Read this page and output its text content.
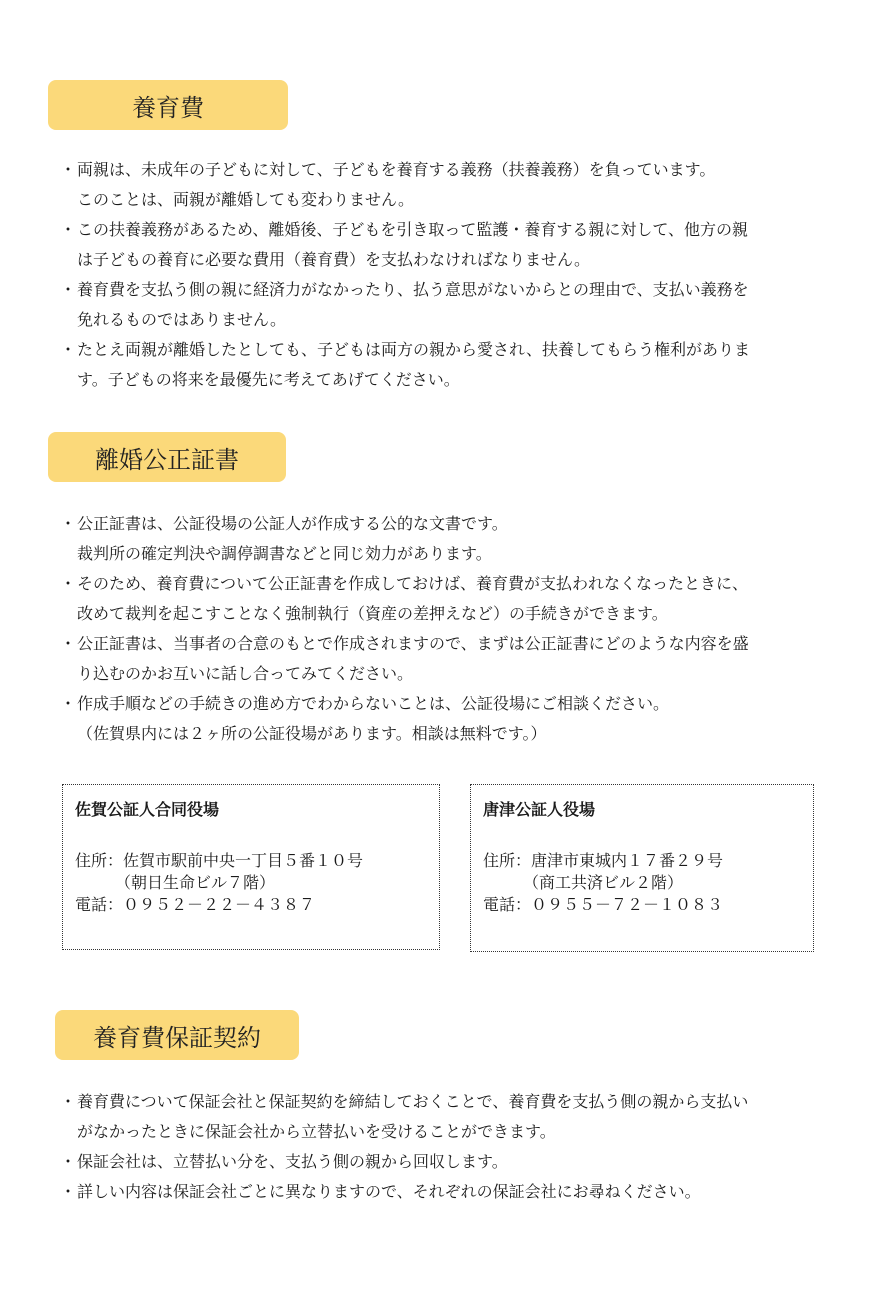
養育費
・ 両親は、未成年の子どもに対して、子どもを養育する義務（扶養義務）を負っています。
このことは、両親が離婚しても変わりません。
・ この扶養義務があるため、離婚後、子どもを引き取って監護・養育する親に対して、他方の親
は子どもの養育に必要な費用（養育費）を支払わなければなりません。
・ 養育費を支払う側の親に経済力がなかったり、払う意思がないからとの理由で、支払い義務を
免れるものではありません。
・ たとえ両親が離婚したとしても、子どもは両方の親から愛され、扶養してもらう権利がありま
す。子どもの将来を最優先に考えてあげてください。
離婚公正証書
・ 公正証書は、公証役場の公証人が作成する公的な文書です。
裁判所の確定判決や調停調書などと同じ効力があります。
・ そのため、養育費について公正証書を作成しておけば、養育費が支払われなくなったときに、
改めて裁判を起こすことなく強制執行（資産の差押えなど）の手続きができます。
・ 公正証書は、当事者の合意のもとで作成されますので、まずは公正証書にどのような内容を盛
り込むのかお互いに話し合ってみてください。
・ 作成手順などの手続きの進め方でわからないことは、公証役場にご相談ください。
（佐賀県内には２ヶ所の公証役場があります。相談は無料です。）
佐賀公証人合同役場
住所：佐賀市駅前中央一丁目５番１０号
　　　（朝日生命ビル７階）
電話：０９５２－２２－４３８７
唐津公証人役場
住所：唐津市東城内１７番２９号
　　　（商工共済ビル２階）
電話：０９５５－７２－１０８３
養育費保証契約
・ 養育費について保証会社と保証契約を締結しておくことで、養育費を支払う側の親から支払い
がなかったときに保証会社から立替払いを受けることができます。
・ 保証会社は、立替払い分を、支払う側の親から回収します。
・ 詳しい内容は保証会社ごとに異なりますので、それぞれの保証会社にお尋ねください。
